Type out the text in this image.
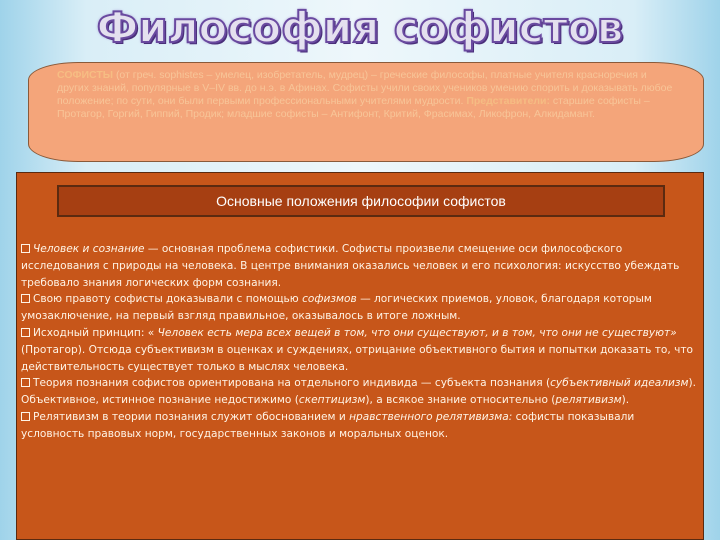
Философия софистов

СОФИСТЫ (от греч. sophistes – умелец, изобретатель, мудрец) – греческие философы, платные учителя красноречия и других знаний, популярные в V–IV вв. до н.э. в Афинах. Софисты учили своих учеников умению спорить и доказывать любое положение; по сути, они были первыми профессиональными учителями мудрости. Представители: старшие софисты – Протагор, Горгий, Гиппий, Продик; младшие софисты – Антифонт, Критий, Фрасимах, Ликофрон, Алкидамант.

Основные положения философии софистов

Человек и сознание — основная проблема софистики. Софисты произвели смещение оси философского исследования с природы на человека. В центре внимания оказались человек и его психология: искусство убеждать требовало знания логических форм сознания.

Свою правоту софисты доказывали с помощью софизмов — логических приемов, уловок, благодаря которым умозаключение, на первый взгляд правильное, оказывалось в итоге ложным.

Исходный принцип: « Человек есть мера всех вещей в том, что они существуют, и в том, что они не существуют» (Протагор). Отсюда субъективизм в оценках и суждениях, отрицание объективного бытия и попытки доказать то, что действительность существует только в мыслях человека.

Теория познания софистов ориентирована на отдельного индивида — субъекта познания (субъективный идеализм). Объективное, истинное познание недостижимо (скептицизм), а всякое знание относительно (релятивизм).

Релятивизм в теории познания служит обоснованием и нравственного релятивизма: софисты показывали условность правовых норм, государственных законов и моральных оценок.
